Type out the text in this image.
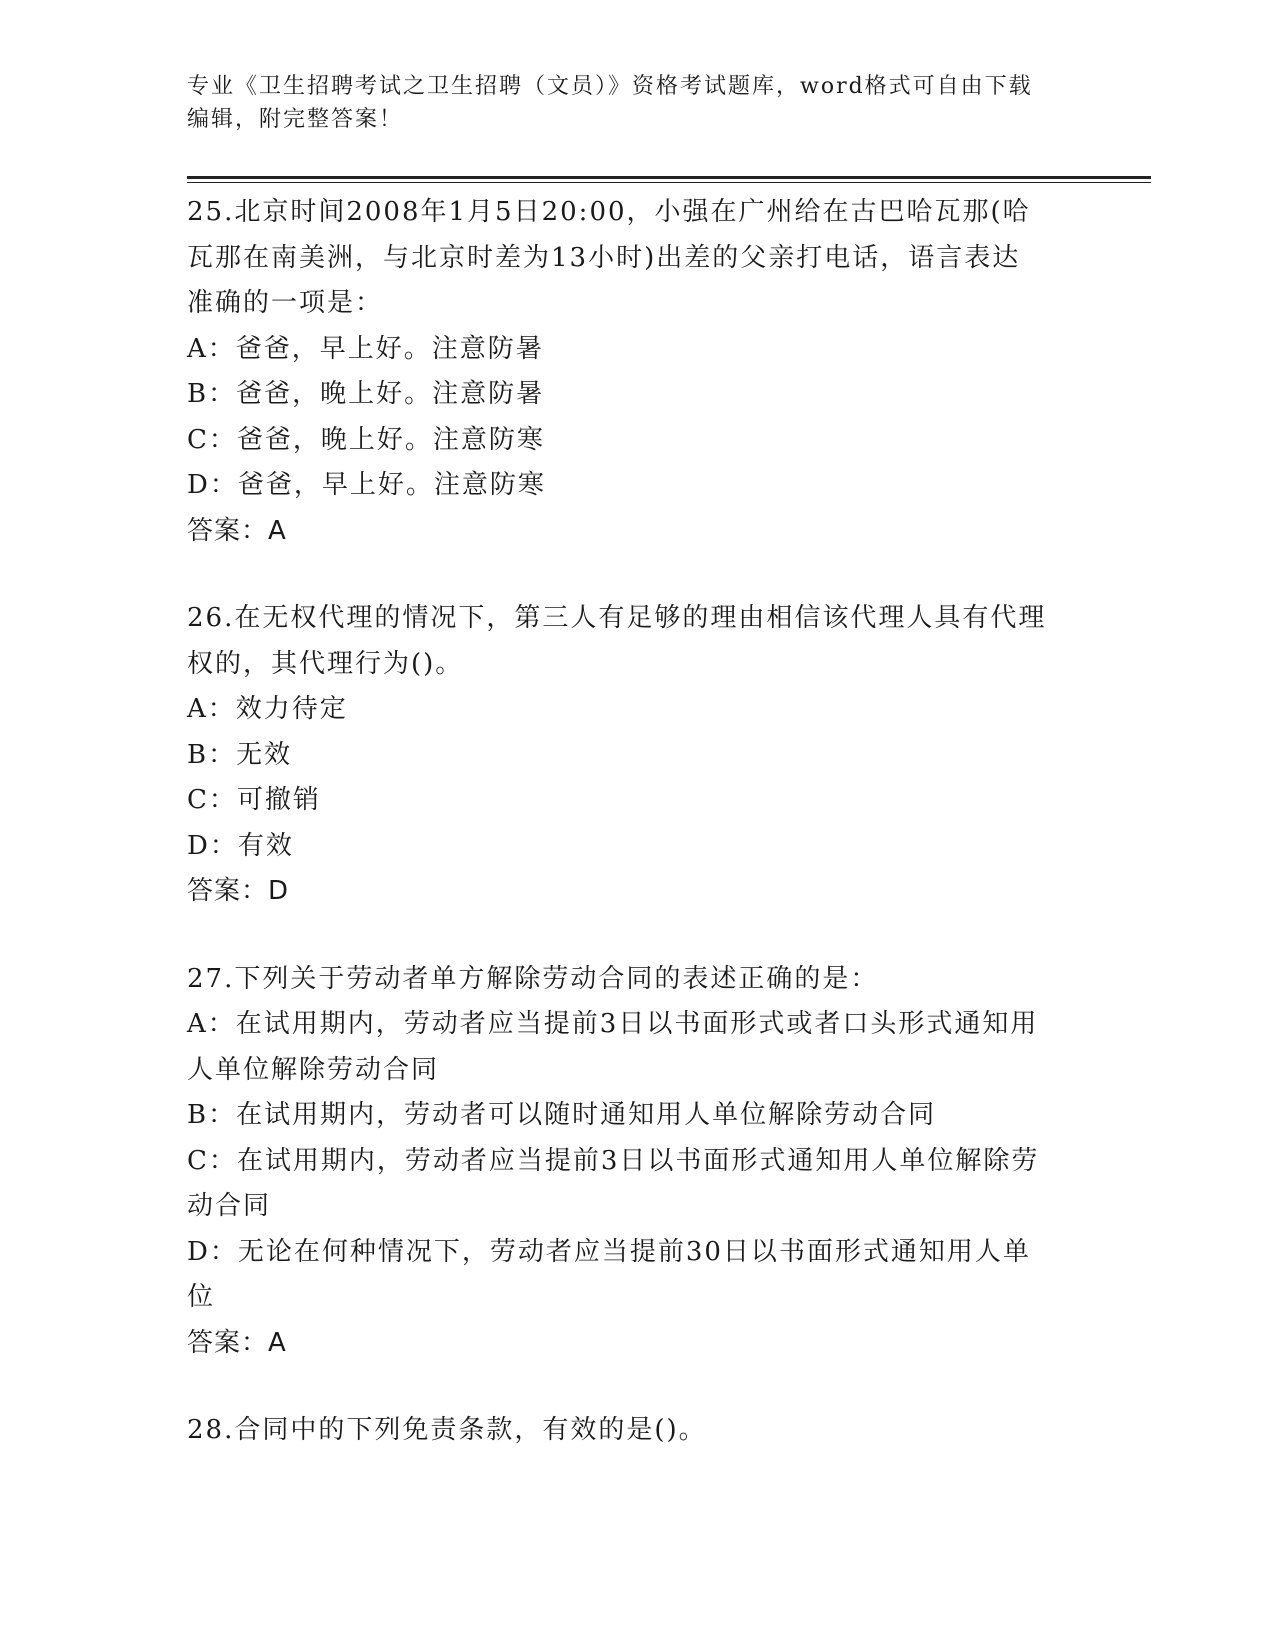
专业《卫生招聘考试之卫生招聘（文员）》资格考试题库，word格式可自由下载

编辑，附完整答案！

25.北京时间2008年1月5日20:00，小强在广州给在古巴哈瓦那(哈

瓦那在南美洲，与北京时差为13小时)出差的父亲打电话，语言表达

准确的一项是：

A：爸爸，早上好。注意防暑

B：爸爸，晚上好。注意防暑

C：爸爸，晚上好。注意防寒

D：爸爸，早上好。注意防寒

答案：A

26.在无权代理的情况下，第三人有足够的理由相信该代理人具有代理

权的，其代理行为()。

A：效力待定

B：无效

C：可撤销

D：有效

答案：D

27.下列关于劳动者单方解除劳动合同的表述正确的是：

A：在试用期内，劳动者应当提前3日以书面形式或者口头形式通知用

人单位解除劳动合同

B：在试用期内，劳动者可以随时通知用人单位解除劳动合同

C：在试用期内，劳动者应当提前3日以书面形式通知用人单位解除劳

动合同

D：无论在何种情况下，劳动者应当提前30日以书面形式通知用人单

位

答案：A

28.合同中的下列免责条款，有效的是()。
